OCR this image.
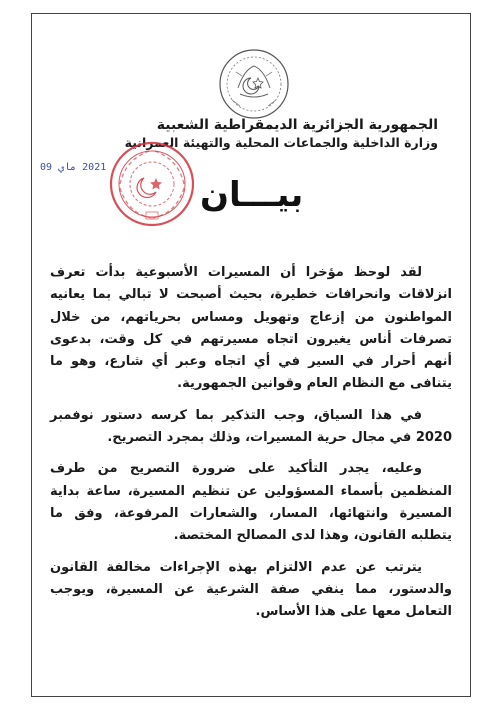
الجمهورية الجزائرية الديمقراطية الشعبية
وزارة الداخلية والجماعات المحلية والتهيئة العمرانية
2021 ماي 09
بيـــان

لقد لوحظ مؤخرا أن المسيرات الأسبوعية بدأت تعرف انزلاقات وانحرافات خطيرة، بحيث أصبحت لا تبالي بما يعانيه المواطنون من إزعاج وتهويل ومساس بحرياتهم، من خلال تصرفات أناس يغيرون اتجاه مسيرتهم في كل وقت، بدعوى أنهم أحرار في السير في أي اتجاه وعبر أي شارع، وهو ما يتنافى مع النظام العام وقوانين الجمهورية.

في هذا السياق، وجب التذكير بما كرسه دستور نوفمبر 2020 في مجال حرية المسيرات، وذلك بمجرد التصريح.

وعليه، يجدر التأكيد على ضرورة التصريح من طرف المنظمين بأسماء المسؤولين عن تنظيم المسيرة، ساعة بداية المسيرة وانتهائها، المسار، والشعارات المرفوعة، وفق ما يتطلبه القانون، وهذا لدى المصالح المختصة.

يترتب عن عدم الالتزام بهذه الإجراءات مخالفة القانون والدستور، مما ينفي صفة الشرعية عن المسيرة، ويوجب التعامل معها على هذا الأساس.
